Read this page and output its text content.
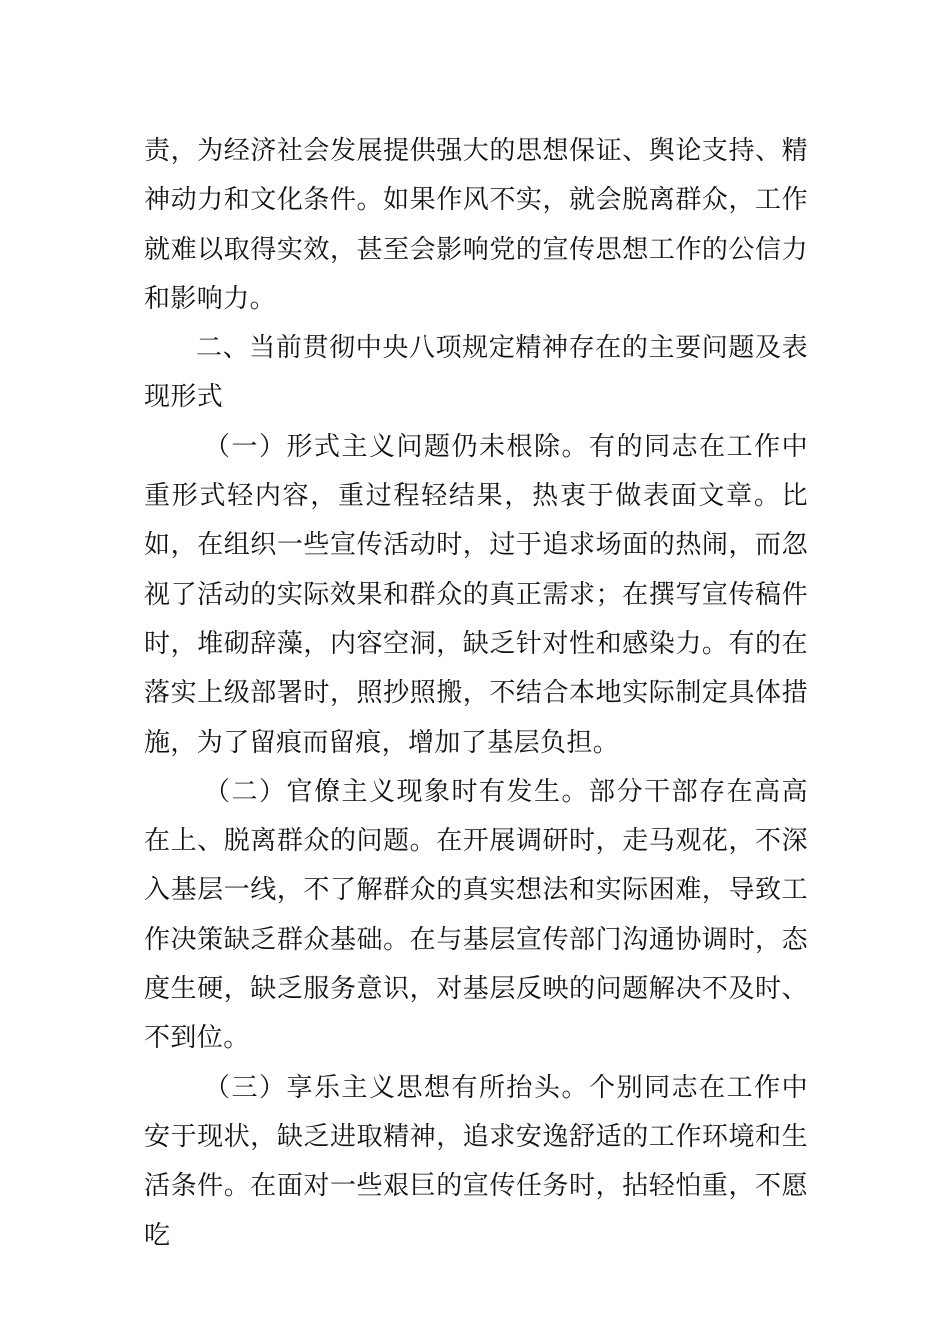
责，为经济社会发展提供强大的思想保证、舆论支持、精神动力和文化条件。如果作风不实，就会脱离群众，工作就难以取得实效，甚至会影响党的宣传思想工作的公信力和影响力。

二、当前贯彻中央八项规定精神存在的主要问题及表现形式

（一）形式主义问题仍未根除。有的同志在工作中重形式轻内容，重过程轻结果，热衷于做表面文章。比如，在组织一些宣传活动时，过于追求场面的热闹，而忽视了活动的实际效果和群众的真正需求；在撰写宣传稿件时，堆砌辞藻，内容空洞，缺乏针对性和感染力。有的在落实上级部署时，照抄照搬，不结合本地实际制定具体措施，为了留痕而留痕，增加了基层负担。

（二）官僚主义现象时有发生。部分干部存在高高在上、脱离群众的问题。在开展调研时，走马观花，不深入基层一线，不了解群众的真实想法和实际困难，导致工作决策缺乏群众基础。在与基层宣传部门沟通协调时，态度生硬，缺乏服务意识，对基层反映的问题解决不及时、不到位。

（三）享乐主义思想有所抬头。个别同志在工作中安于现状，缺乏进取精神，追求安逸舒适的工作环境和生活条件。在面对一些艰巨的宣传任务时，拈轻怕重，不愿吃
